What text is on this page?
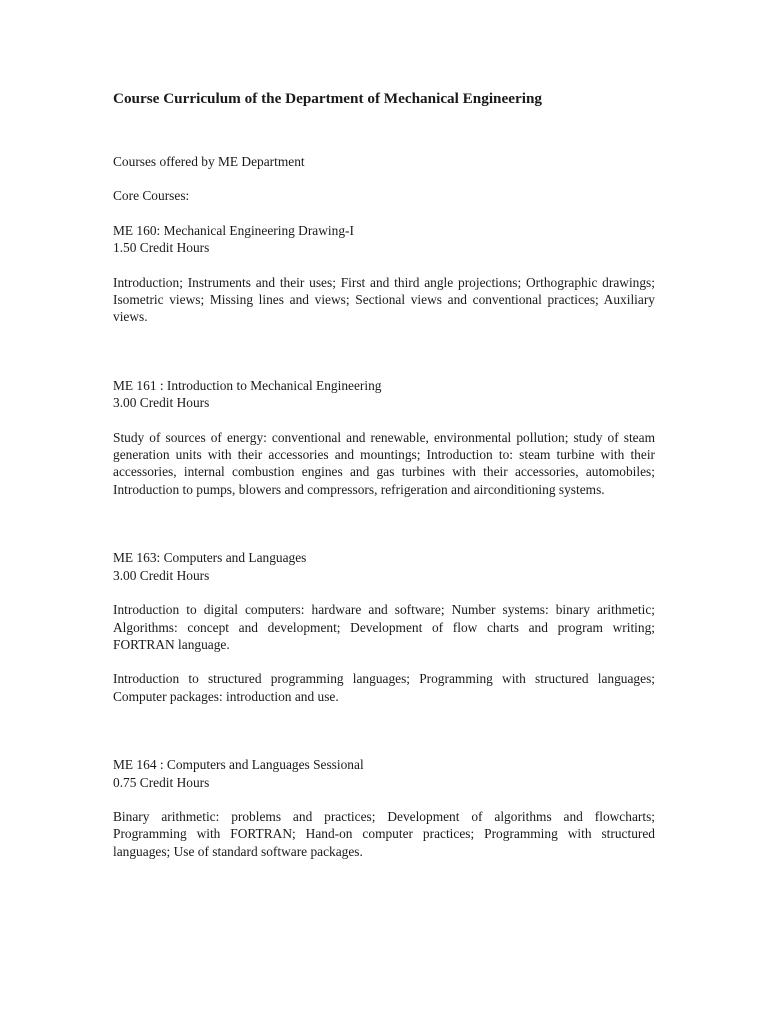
Course Curriculum of the Department of Mechanical Engineering

Courses offered by ME Department

Core Courses:

ME 160: Mechanical Engineering Drawing-I
1.50 Credit Hours

Introduction; Instruments and their uses; First and third angle projections; Orthographic drawings; Isometric views; Missing lines and views; Sectional views and conventional practices; Auxiliary views.

ME 161 : Introduction to Mechanical Engineering
3.00 Credit Hours

Study of sources of energy: conventional and renewable, environmental pollution; study of steam generation units with their accessories and mountings; Introduction to: steam turbine with their accessories, internal combustion engines and gas turbines with their accessories, automobiles; Introduction to pumps, blowers and compressors, refrigeration and airconditioning systems.

ME 163: Computers and Languages
3.00 Credit Hours

Introduction to digital computers: hardware and software; Number systems: binary arithmetic; Algorithms: concept and development; Development of flow charts and program writing; FORTRAN language.

Introduction to structured programming languages; Programming with structured languages; Computer packages: introduction and use.

ME 164 : Computers and Languages Sessional
0.75 Credit Hours

Binary arithmetic: problems and practices; Development of algorithms and flowcharts; Programming with FORTRAN; Hand-on computer practices; Programming with structured languages; Use of standard software packages.
